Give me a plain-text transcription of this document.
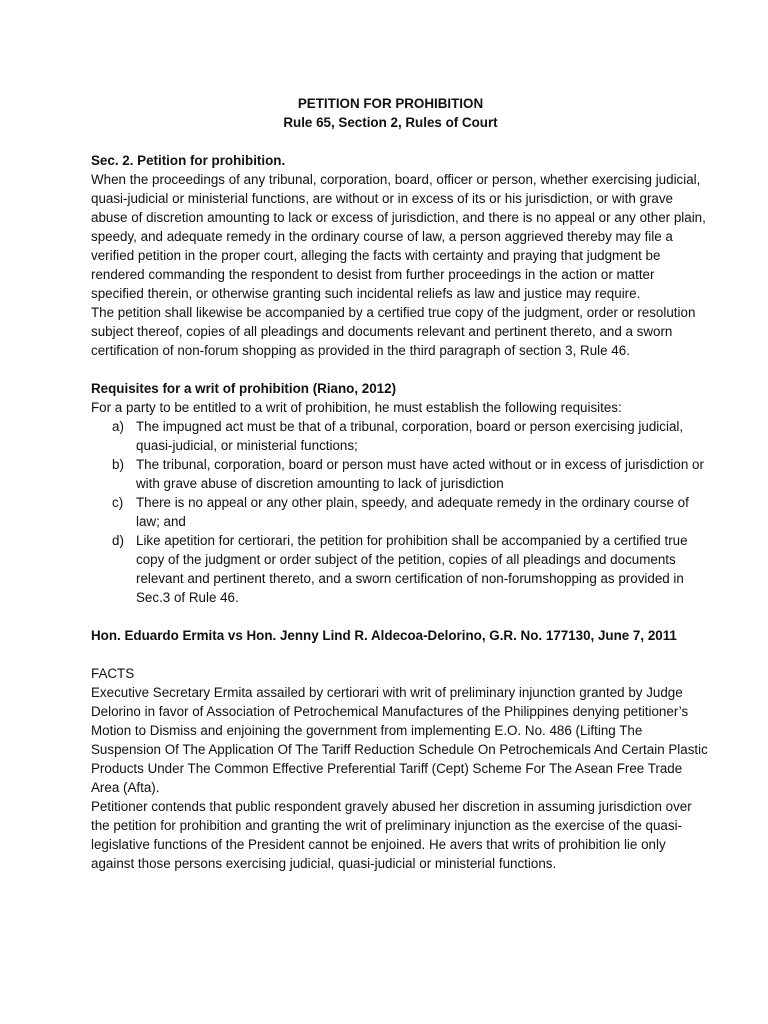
PETITION FOR PROHIBITION

Rule 65, Section 2, Rules of Court

Sec. 2. Petition for prohibition.

When the proceedings of any tribunal, corporation, board, officer or person, whether exercising judicial, quasi-judicial or ministerial functions, are without or in excess of its or his jurisdiction, or with grave abuse of discretion amounting to lack or excess of jurisdiction, and there is no appeal or any other plain, speedy, and adequate remedy in the ordinary course of law, a person aggrieved thereby may file a verified petition in the proper court, alleging the facts with certainty and praying that judgment be rendered commanding the respondent to desist from further proceedings in the action or matter specified therein, or otherwise granting such incidental reliefs as law and justice may require.

The petition shall likewise be accompanied by a certified true copy of the judgment, order or resolution subject thereof, copies of all pleadings and documents relevant and pertinent thereto, and a sworn certification of non-forum shopping as provided in the third paragraph of section 3, Rule 46.

Requisites for a writ of prohibition (Riano, 2012)

For a party to be entitled to a writ of prohibition, he must establish the following requisites:

a) The impugned act must be that of a tribunal, corporation, board or person exercising judicial, quasi-judicial, or ministerial functions;
b) The tribunal, corporation, board or person must have acted without or in excess of jurisdiction or with grave abuse of discretion amounting to lack of jurisdiction
c) There is no appeal or any other plain, speedy, and adequate remedy in the ordinary course of law; and
d) Like apetition for certiorari, the petition for prohibition shall be accompanied by a certified true copy of the judgment or order subject of the petition, copies of all pleadings and documents relevant and pertinent thereto, and a sworn certification of non-forumshopping as provided in Sec.3 of Rule 46.

Hon. Eduardo Ermita vs Hon. Jenny Lind R. Aldecoa-Delorino, G.R. No. 177130, June 7, 2011

FACTS

Executive Secretary Ermita assailed by certiorari with writ of preliminary injunction granted by Judge Delorino in favor of Association of Petrochemical Manufactures of the Philippines denying petitioner’s Motion to Dismiss and enjoining the government from implementing E.O. No. 486 (Lifting The Suspension Of The Application Of The Tariff Reduction Schedule On Petrochemicals And Certain Plastic Products Under The Common Effective Preferential Tariff (Cept) Scheme For The Asean Free Trade Area (Afta).

Petitioner contends that public respondent gravely abused her discretion in assuming jurisdiction over the petition for prohibition and granting the writ of preliminary injunction as the exercise of the quasi-legislative functions of the President cannot be enjoined. He avers that writs of prohibition lie only against those persons exercising judicial, quasi-judicial or ministerial functions.
